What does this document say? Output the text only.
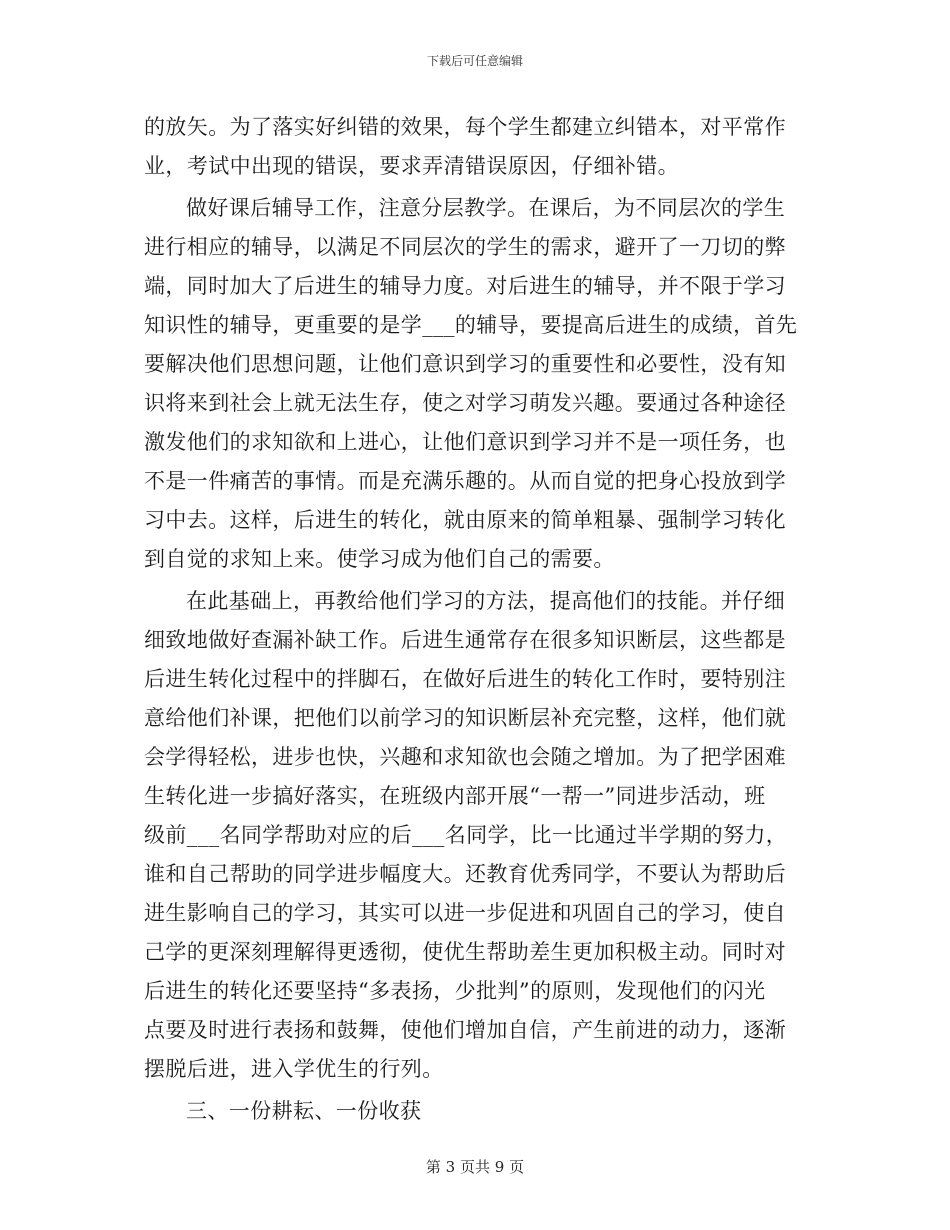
下载后可任意编辑
的放矢。为了落实好纠错的效果，每个学生都建立纠错本，对平常作
业，考试中出现的错误，要求弄清错误原因，仔细补错。
做好课后辅导工作，注意分层教学。在课后，为不同层次的学生
进行相应的辅导，以满足不同层次的学生的需求，避开了一刀切的弊
端，同时加大了后进生的辅导力度。对后进生的辅导，并不限于学习
知识性的辅导，更重要的是学___的辅导，要提高后进生的成绩，首先
要解决他们思想问题，让他们意识到学习的重要性和必要性，没有知
识将来到社会上就无法生存，使之对学习萌发兴趣。要通过各种途径
激发他们的求知欲和上进心，让他们意识到学习并不是一项任务，也
不是一件痛苦的事情。而是充满乐趣的。从而自觉的把身心投放到学
习中去。这样，后进生的转化，就由原来的简单粗暴、强制学习转化
到自觉的求知上来。使学习成为他们自己的需要。
在此基础上，再教给他们学习的方法，提高他们的技能。并仔细
细致地做好查漏补缺工作。后进生通常存在很多知识断层，这些都是
后进生转化过程中的拌脚石，在做好后进生的转化工作时，要特别注
意给他们补课，把他们以前学习的知识断层补充完整，这样，他们就
会学得轻松，进步也快，兴趣和求知欲也会随之增加。为了把学困难
生转化进一步搞好落实，在班级内部开展“一帮一”同进步活动，班
级前___名同学帮助对应的后___名同学，比一比通过半学期的努力，
谁和自己帮助的同学进步幅度大。还教育优秀同学，不要认为帮助后
进生影响自己的学习，其实可以进一步促进和巩固自己的学习，使自
己学的更深刻理解得更透彻，使优生帮助差生更加积极主动。同时对
后进生的转化还要坚持“多表扬，少批判”的原则，发现他们的闪光
点要及时进行表扬和鼓舞，使他们增加自信，产生前进的动力，逐渐
摆脱后进，进入学优生的行列。
三、一份耕耘、一份收获
第 3 页共 9 页
